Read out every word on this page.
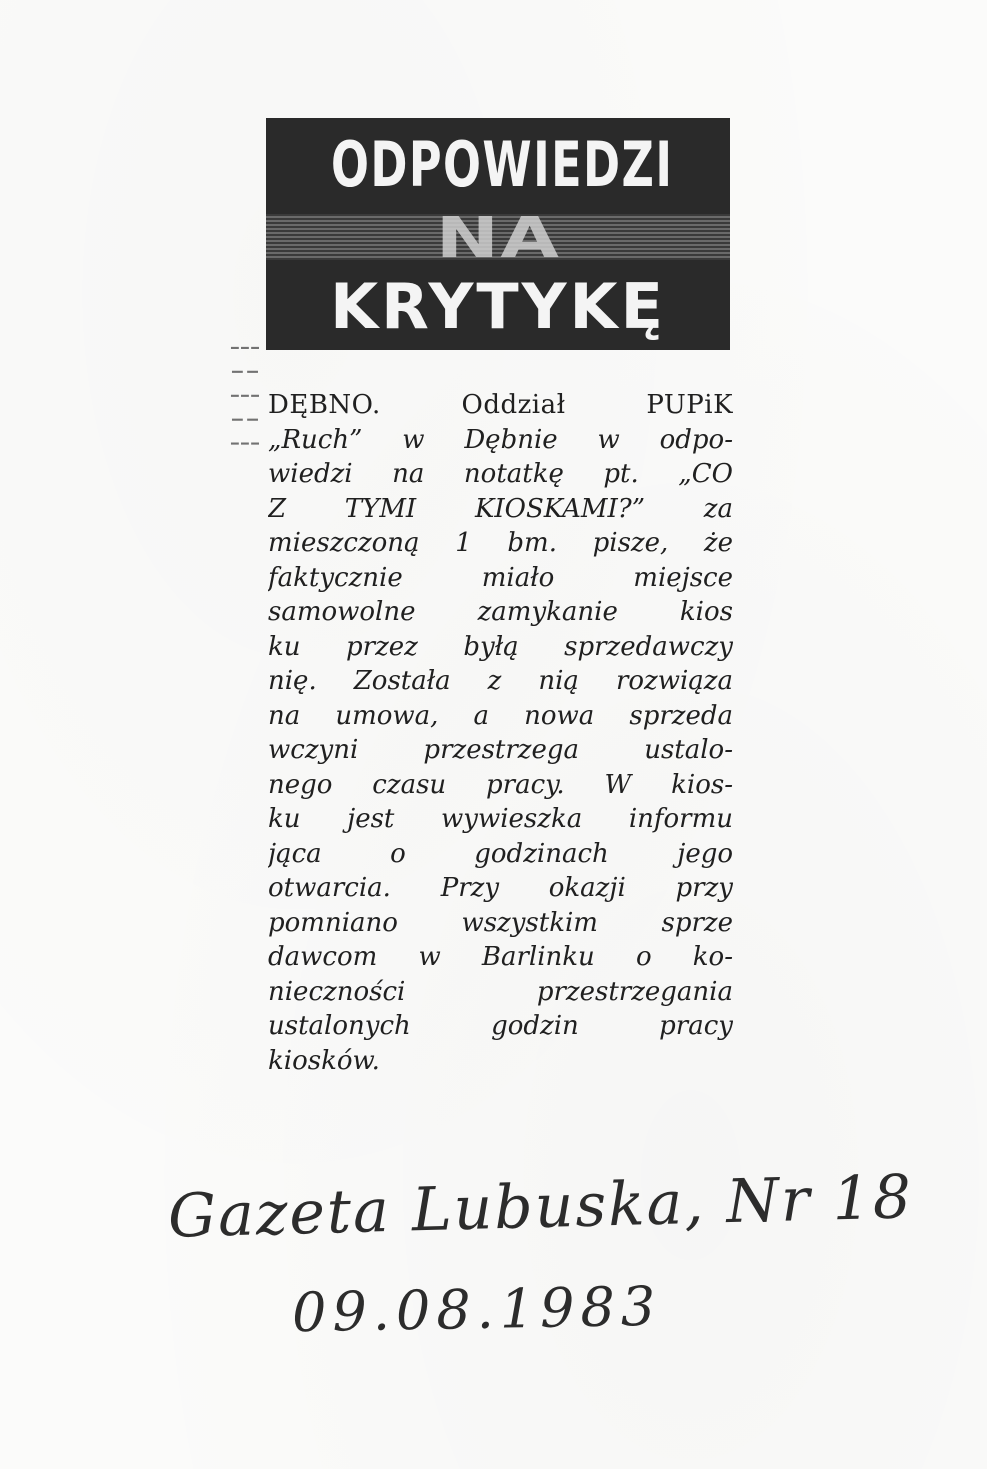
ODPOWIEDZI
NA
KRYTYKĘ
┆ ╎ ┆ ╎ ┆ DĘBNO. Oddział PUPiK
„Ruch” w Dębnie w odpo-
wiedzi na notatkę pt. „CO
Z TYMI KIOSKAMI?” za
mieszczoną 1 bm. pisze, że
faktycznie miało miejsce
samowolne zamykanie kios
ku przez byłą sprzedawczy
nię. Została z nią rozwiąza
na umowa, a nowa sprzeda
wczyni przestrzega ustalo-
nego czasu pracy. W kios-
ku jest wywieszka informu
jąca o godzinach jego
otwarcia. Przy okazji przy
pomniano wszystkim sprze
dawcom w Barlinku o ko-
nieczności przestrzegania
ustalonych godzin pracy
kiosków.
Gazeta Lubuska, Nr 18
09.08.1983
